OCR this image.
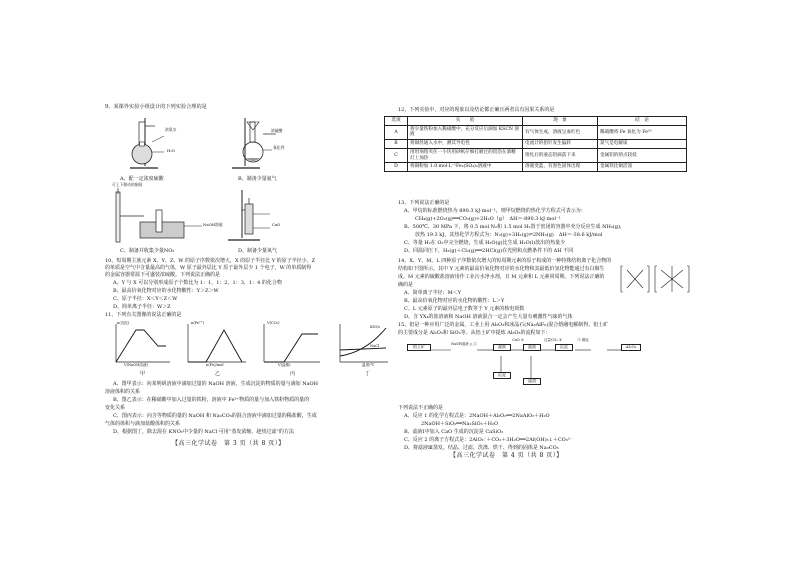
9、某课外实验小组设计的下列实验合理的是
浓氨水	浓硫酸
H₂O
氧化钙
可上下移动的铜丝
NaOH溶液	CaO
A、配一定浓度硫酸	B、制备少量氨气
C、制备并收集少量NO₂	D、制备少量氧气
10、短周期主族元素 X、Y、Z、W 的原子序数依次增大，X 的原子半径比 Y 的原子半径小，Z
的单质是空气中含量最高的气体，W 原子最外层比 Y 原子最外层少 1 个电子，W 的单质制得
的金属容器常温下可盛装浓硫酸。下列说法正确的是
A、Y 与 X 可以分别形成原子个数比为 1：1，1：2，1：3，1：4 的化合物
B、最高价氧化物对应的水化物酸性：Y＞Z＞W
C、原子半径：X＜Y＜Z＜W
D、简单离子半径：W＞Z
11、下列有关图像的说法正确的是
n(沉淀)
V(NaOH溶液)
n(Fe²⁺)
n(Fe)/mol
V(CO₂)
V(盐酸)
KNO₃
NaCl
温度/℃
甲	乙	丙	丁
A、图甲表示：向某明矾溶液中滴加过量的 NaOH 溶液，生成沉淀的物质的量与滴加 NaOH
溶液体积的关系
B、图乙表示：在稀硝酸中加入过量的铁粉，溶液中 Fe³⁺物质的量与加入铁粉物质的量的
变化关系
C、图丙表示：向含等物质的量的 NaOH 和 Na₂CO₃的混合溶液中滴加过量的稀盐酸，生成
气体的体积与滴加盐酸体积的关系
D、根据图丁，除去混在 KNO₃中少量的 NaCl 可用“蒸发浓缩、趁热过滤”的方法
【高三化学试卷　第 3 页（共 8 页）】
12、下列实验中，对应的现象以及结论都正确且两者具有因果关系的是
选项	实　　验	现　象	结　论
A	将少量铁粉加入稀硝酸中，充分反应后滴加 KSCN 溶液	有气体生成，溶液呈血红色	稀硝酸将 Fe 氧化为 Fe³⁺
B	将铜丝通入水中，测其导电性	电流计的指针发生偏转	氯气是电解质
C	用坩埚钳夹住一小块用砂纸仔细打磨过的铝箔在酒精灯上加热	熔化后的液态铝滴落下来	金属铝的熔点较低
D	将铜粉加 1.0 mol·L⁻¹Fe₂(SO₄)₃溶液中	溶液变蓝、有黑色固体出现	金属铁比铜活泼
13、下列说法正确的是
A、甲烷的标准燃烧热为 890.3 kJ·mol⁻¹，则甲烷燃烧的热化学方程式可表示为：
CH₄(g)+2O₂(g)══CO₂(g)+2H₂O（g）　ΔH＝-890.3 kJ·mol⁻¹
B、500℃、30 MPa 下，将 0.5 mol N₂和 1.5 mol H₂置于密闭的容器中充分反应生成 NH₃(g)，
放热 19.3 kJ，其热化学方程式为：N₂(g)+3H₂(g)⇌2NH₃(g)　ΔH＝-38.6 kJ/mol
C、等量 H₂在 O₂中完全燃烧，生成 H₂O(g)比生成 H₂O(l)放出的热量少
D、同温同压下，H₂(g)＋Cl₂(g)══2HCl(g)在光照和点燃条件下的 ΔH 不同
14、X、Y、M、L 四种原子序数依次增大的短周期元素的原子构成的一种特殊结构离子化合物的
结构如下图所示。其中 Y 元素的最高价氧化物对应的水化物和其最低价氢化物能通过有白烟生
成。M 元素的硫酸盐溶液用作工业污水净水剂，且 M 元素和 L 元素同周期。下列说法正确的
确的是
A、简单离子半径：M＜Y
B、最高价氧化物对应的水化物的酸性：L＞Y
C、L 元素原子的最外层电子数等于 Y 元素的核电荷数
D、含 YX₄的盐溶液和 NaOH 溶液混合一定会产生大量有刺激性气味的气体
15、铝是一种应用广泛的金属，工业上用 Al₂O₃和冰晶石(Na₃AlF₆)混合熔融电解制得。铝土矿
的主要成分是 Al₂O₃和 SiO₂等。从铝土矿中提炼 Al₂O₃的流程如下：
铝土矿	NaOH溶液 △ ①	滤液
CaO ②
滤液
过量CO₂ ③
沉淀
④ 煅烧
Al₂O₃
沉淀
滤渣
下列说法不正确的是
A、反应 1 的化学方程式是：2NaOH＋Al₂O₃══2NaAlO₂＋H₂O
2NaOH＋SiO₂══Na₂SiO₃＋H₂O
B、滤液Ⅰ中加入 CaO 生成的沉淀是 CaSiO₃
C、反应 2 的离子方程式是：2AlO₂⁻＋CO₂＋3H₂O══2Al(OH)₃↓＋CO₃²⁻
D、将滤液Ⅲ蒸发、结晶、过滤、洗涤、烘干、得到的固体是 Na₂CO₃
【高三化学试卷　第 4 页（共 8 页）】
